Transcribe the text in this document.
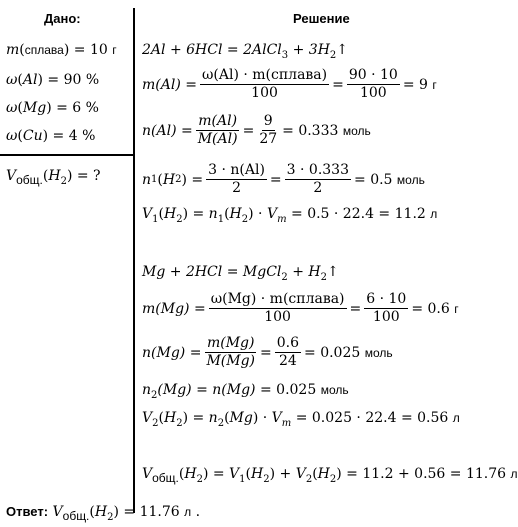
Дано:	Решение
m(сплава) = 10 г
ω(Al) = 90 %
ω(Mg) = 6 %
ω(Cu) = 4 %
$V_{общ.}(H_2)$ = ?
2Al + 6HCl = 2AlCl$_3$ + $3H_2↑$
$m(Al) = \frac{\text{ω(Al) · m(сплава)}}{100} = \frac{90 \cdot 10}{100} = 9$
г
$n(Al) = \frac{m(Al)}{M(Al)} = \frac{9}{27} = 0.333$
моль
n 1 ( H 2 ) = $\frac{3 \cdot n(Al)}{2} = \frac{3 \cdot 0.333}{2} = 0.5$
моль
$V_1(H_2) = n_1(H_2) \cdot V_m = 0.5 \cdot 22.4 = 11.2$ л
Mg + 2HCl = MgCl$_2$ + $H_2↑$
$m(Mg) = \frac{\text{ω(Mg) · m(сплава)}}{100} = \frac{6 \cdot 10}{100} = 0.6$
г
$n(Mg) = \frac{m(Mg)}{M(Mg)} = \frac{0.6}{24} = 0.025$
моль
$n_2(Mg) = n(Mg) = 0.025$ моль
$V_2(H_2) = n_2(Mg) \cdot V_m = 0.025 \cdot 22.4 = 0.56$ л
$V_{общ.}(H_2) = V_1(H_2) + V_2(H_2) = 11.2 + 0.56 = 11.76$ л
Ответ: $V_{общ.}(H_2) = 11.76$ л .
